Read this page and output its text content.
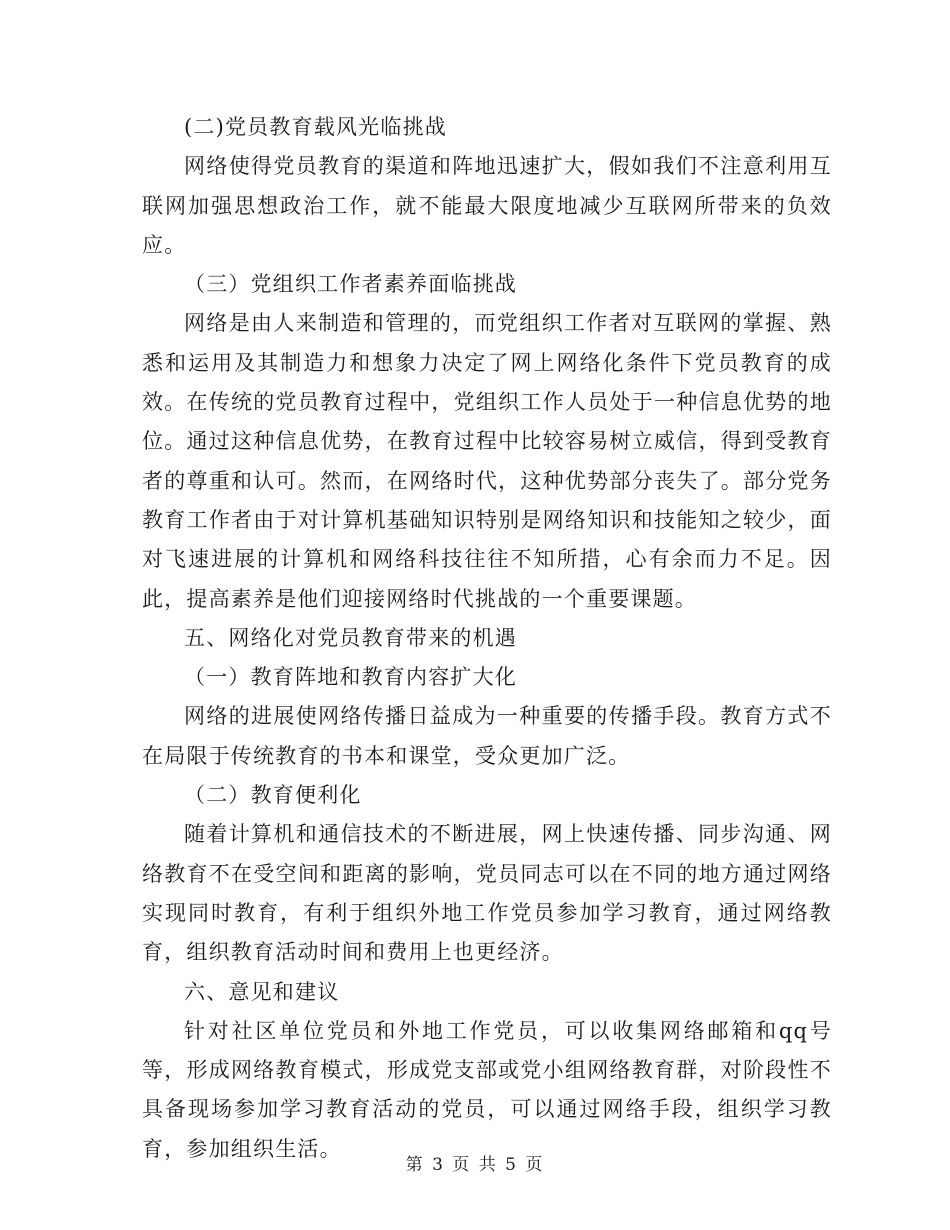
(二)党员教育载风光临挑战

网络使得党员教育的渠道和阵地迅速扩大，假如我们不注意利用互联网加强思想政治工作，就不能最大限度地减少互联网所带来的负效应。

（三）党组织工作者素养面临挑战

网络是由人来制造和管理的，而党组织工作者对互联网的掌握、熟悉和运用及其制造力和想象力决定了网上网络化条件下党员教育的成效。在传统的党员教育过程中，党组织工作人员处于一种信息优势的地位。通过这种信息优势，在教育过程中比较容易树立威信，得到受教育者的尊重和认可。然而，在网络时代，这种优势部分丧失了。部分党务教育工作者由于对计算机基础知识特别是网络知识和技能知之较少，面对飞速进展的计算机和网络科技往往不知所措，心有余而力不足。因此，提高素养是他们迎接网络时代挑战的一个重要课题。

五、网络化对党员教育带来的机遇

（一）教育阵地和教育内容扩大化

网络的进展使网络传播日益成为一种重要的传播手段。教育方式不在局限于传统教育的书本和课堂，受众更加广泛。

（二）教育便利化

随着计算机和通信技术的不断进展，网上快速传播、同步沟通、网络教育不在受空间和距离的影响，党员同志可以在不同的地方通过网络实现同时教育，有利于组织外地工作党员参加学习教育，通过网络教育，组织教育活动时间和费用上也更经济。

六、意见和建议

针对社区单位党员和外地工作党员，可以收集网络邮箱和qq号等，形成网络教育模式，形成党支部或党小组网络教育群，对阶段性不具备现场参加学习教育活动的党员，可以通过网络手段，组织学习教育，参加组织生活。

第 3 页 共 5 页
